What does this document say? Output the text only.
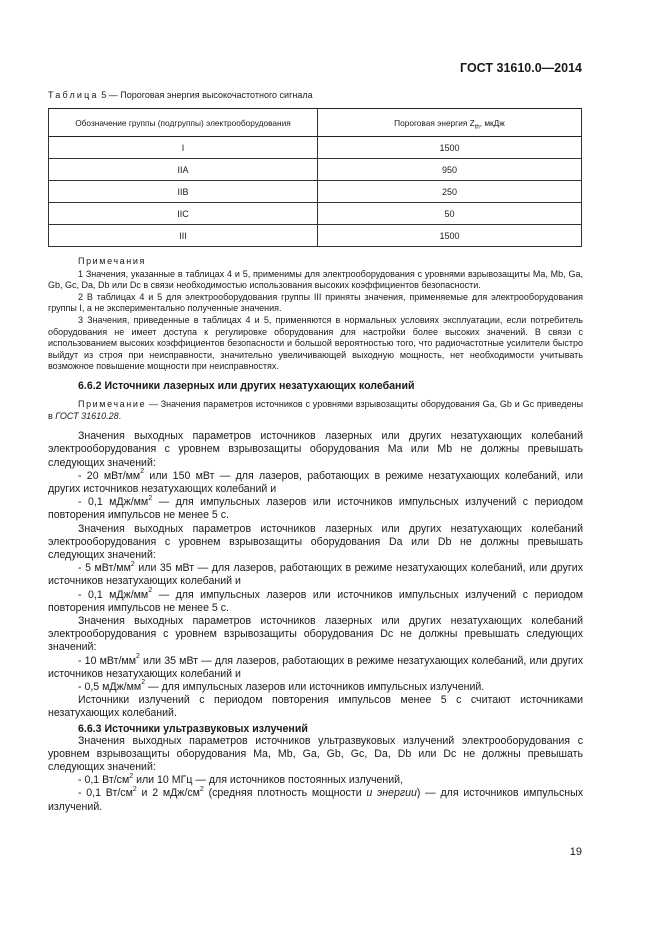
ГОСТ 31610.0—2014

Таблица 5 — Пороговая энергия высокочастотного сигнала

Обозначение группы (подгруппы) электрооборудования	Пороговая энергия $Z_{th}$, мкДж
I	1500
IIA	950
IIB	250
IIC	50
III	1500

Примечания

1 Значения, указанные в таблицах 4 и 5, применимы для электрооборудования с уровнями взрывозащиты Ma, Mb, Ga, Gb, Gc, Da, Db или Dc в связи необходимостью использования высоких коэффициентов безопасности.

2 В таблицах 4 и 5 для электрооборудования группы III приняты значения, применяемые для электрооборудования группы I, а не экспериментально полученные значения.

3 Значения, приведенные в таблицах 4 и 5, применяются в нормальных условиях эксплуатации, если потребитель оборудования не имеет доступа к регулировке оборудования для настройки более высоких значений. В связи с использованием высоких коэффициентов безопасности и большой вероятностью того, что радиочастотные усилители быстро выйдут из строя при неисправности, значительно увеличивающей выходную мощность, нет необходимости учитывать возможное повышение мощности при неисправностях.

6.6.2 Источники лазерных или других незатухающих колебаний

Примечание — Значения параметров источников с уровнями взрывозащиты оборудования Ga, Gb и Gc приведены в ГОСТ 31610.28.

Значения выходных параметров источников лазерных или других незатухающих колебаний электрооборудования с уровнем взрывозащиты оборудования Ma или Mb не должны превышать следующих значений:

- 20 мВт/$мм^2$ или 150 мВт — для лазеров, работающих в режиме незатухающих колебаний, или других источников незатухающих колебаний и

- 0,1 мДж/$мм^2$ — для импульсных лазеров или источников импульсных излучений с периодом повторения импульсов не менее 5 с.

Значения выходных параметров источников лазерных или других незатухающих колебаний электрооборудования с уровнем взрывозащиты оборудования Da или Db не должны превышать следующих значений:

- 5 мВт/$мм^2$ или 35 мВт — для лазеров, работающих в режиме незатухающих колебаний, или других источников незатухающих колебаний и

- 0,1 мДж/$мм^2$ — для импульсных лазеров или источников импульсных излучений с периодом повторения импульсов не менее 5 с.

Значения выходных параметров источников лазерных или других незатухающих колебаний электрооборудования с уровнем взрывозащиты оборудования Dc не должны превышать следующих значений:

- 10 мВт/$мм^2$ или 35 мВт — для лазеров, работающих в режиме незатухающих колебаний, или других источников незатухающих колебаний и

- 0,5 мДж/$мм^2$ — для импульсных лазеров или источников импульсных излучений.

Источники излучений с периодом повторения импульсов менее 5 с считают источниками незатухающих колебаний.

6.6.3 Источники ультразвуковых излучений

Значения выходных параметров источников ультразвуковых излучений электрооборудования с уровнем взрывозащиты оборудования Ma, Mb, Ga, Gb, Gc, Da, Db или Dc не должны превышать следующих значений:

- 0,1 $Вт/см^2$ или 10 МГц — для источников постоянных излучений,

- 0,1 $Вт/см^2$ и 2 мДж/$см^2$ (средняя плотность мощности и энергии) — для источников импульсных излучений.

19
